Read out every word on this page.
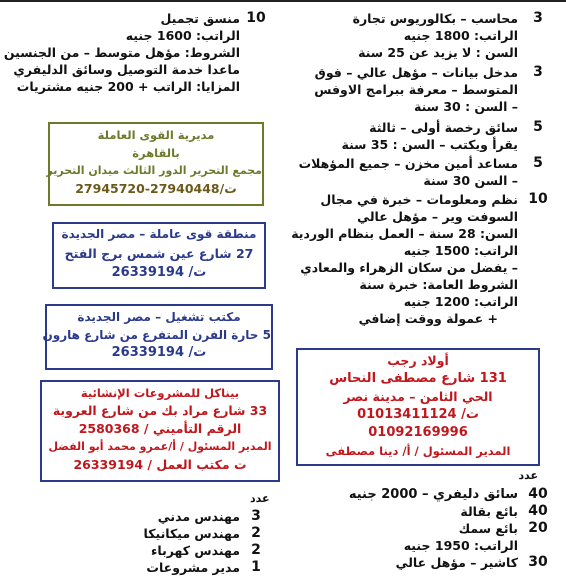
3
محاسب – بكالوريوس تجارة
الراتب: 1800 جنيه
السن : لا يزيد عن 25 سنة
3
مدخل بيانات – مؤهل عالي – فوق
المتوسط – معرفة ببرامج الاوفس
– السن : 30 سنة
5
سائق رخصة أولى – ثالثة
يقرأ ويكتب – السن : 35 سنة
5
مساعد أمين مخزن – جميع المؤهلات
– السن 30 سنة
10
نظم ومعلومات – خبرة في مجال
السوفت وير – مؤهل عالي
السن: 28 سنة – العمل بنظام الوردية
الراتب: 1500 جنيه
– يفضل من سكان الزهراء والمعادي
الشروط العامة: خبرة سنة
الراتب: 1200 جنيه
+ عمولة ووقت إضافي
10
منسق تجميل
الراتب: 1600 جنيه
الشروط: مؤهل متوسط – من الجنسين
ماعدا خدمة التوصيل وسائق الدليفري
المزايا: الراتب + 200 جنيه مشتريات
مديرية القوى العاملة
بالقاهرة
مجمع التحرير الدور الثالث ميدان التحرير
ت/27940448-27945720
منطقة قوى عاملة – مصر الجديدة
27 شارع عين شمس برج الفتح
ت/ 26339194
مكتب تشغيل – مصر الجديدة
5 حارة الفرن المتفرع من شارع هارون
ت/ 26339194
أولاد رجب
131 شارع مصطفى النحاس
الحي الثامن – مدينة نصر
ت/ 01013411124
01092169996
المدير المسئول / أ/ دينا مصطفى
بيناكل للمشروعات الإنشائية
33 شارع مراد بك من شارع العروبة
الرقم التأميني / 2580368
المدير المسئول / أ/عمرو محمد أبو الفضل
ت مكتب العمل / 26339194
عدد
عدد	40
سائق دليفري – 2000 جنيه
40
بائع بقالة
20
بائع سمك
الراتب: 1950 جنيه
30
كاشير – مؤهل عالي
3
مهندس مدني
2
مهندس ميكانيكا
2
مهندس كهرباء
1
مدير مشروعات
